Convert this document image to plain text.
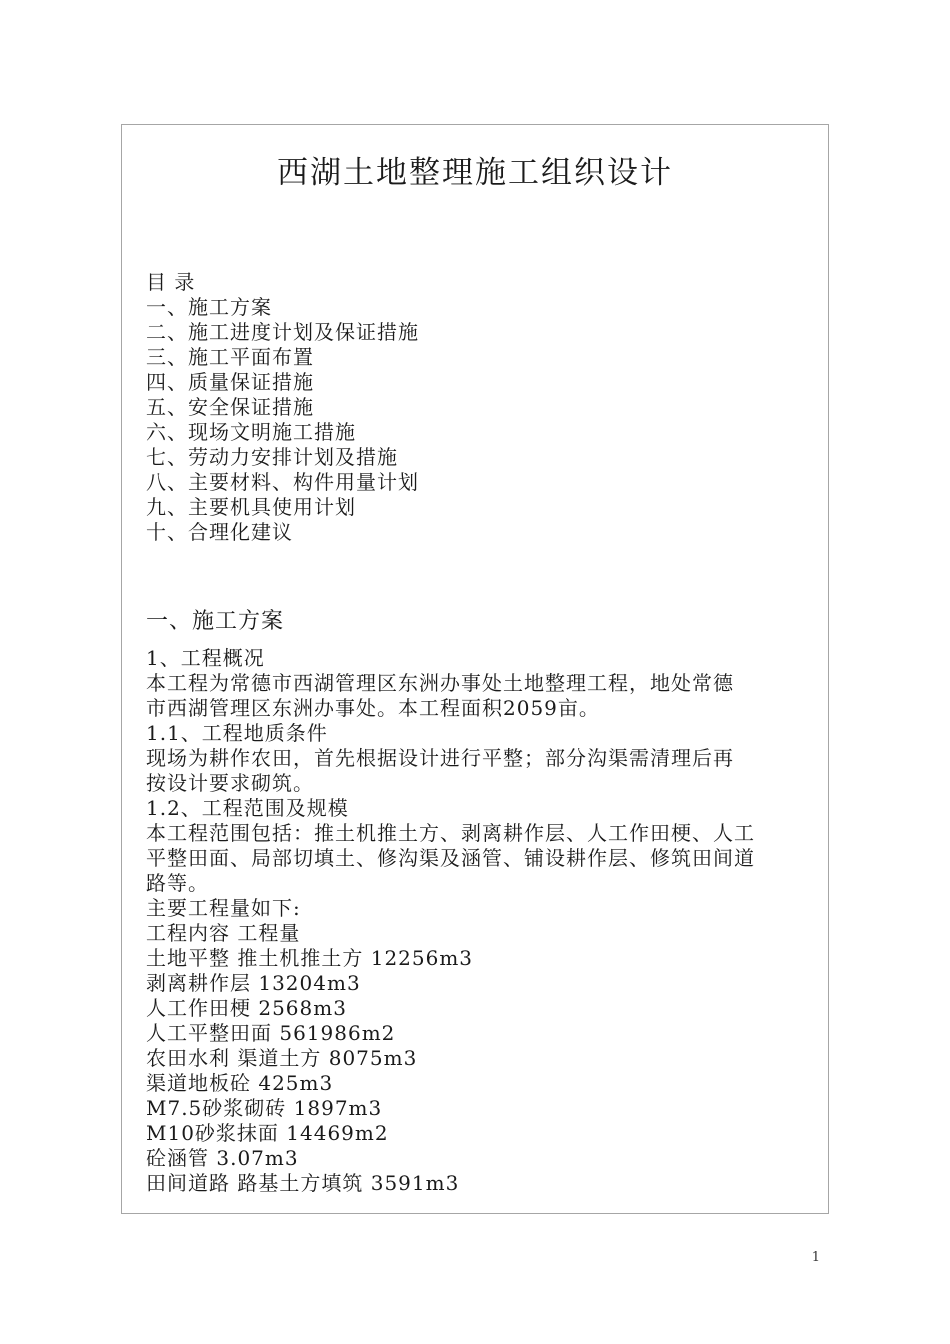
西湖土地整理施工组织设计
目 录
一、施工方案
二、施工进度计划及保证措施
三、施工平面布置
四、质量保证措施
五、安全保证措施
六、现场文明施工措施
七、劳动力安排计划及措施
八、主要材料、构件用量计划
九、主要机具使用计划
十、合理化建议
一、施工方案
1、工程概况
本工程为常德市西湖管理区东洲办事处土地整理工程，地处常德
市西湖管理区东洲办事处。本工程面积2059亩。
1.1、工程地质条件
现场为耕作农田，首先根据设计进行平整；部分沟渠需清理后再
按设计要求砌筑。
1.2、工程范围及规模
本工程范围包括：推土机推土方、剥离耕作层、人工作田梗、人工
平整田面、局部切填土、修沟渠及涵管、铺设耕作层、修筑田间道
路等。
主要工程量如下:
工程内容 工程量
土地平整 推土机推土方 12256m3
剥离耕作层 13204m3
人工作田梗 2568m3
人工平整田面 561986m2
农田水利 渠道土方 8075m3
渠道地板砼 425m3
M7.5砂浆砌砖 1897m3
M10砂浆抹面 14469m2
砼涵管 3.07m3
田间道路 路基土方填筑 3591m3
1
